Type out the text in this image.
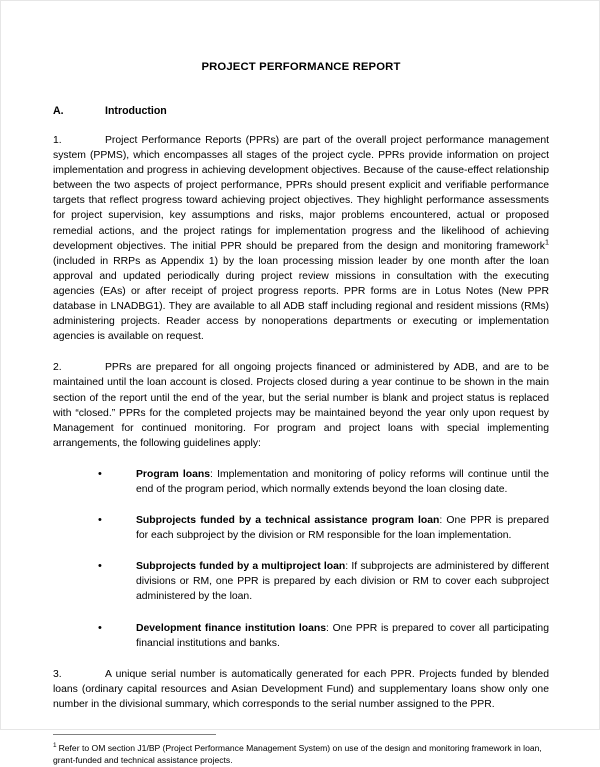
PROJECT PERFORMANCE REPORT
A.	Introduction

1.	Project Performance Reports (PPRs) are part of the overall project performance management system (PPMS), which encompasses all stages of the project cycle. PPRs provide information on project implementation and progress in achieving development objectives. Because of the cause-effect relationship between the two aspects of project performance, PPRs should present explicit and verifiable performance targets that reflect progress toward achieving project objectives. They highlight performance assessments for project supervision, key assumptions and risks, major problems encountered, actual or proposed remedial actions, and the project ratings for implementation progress and the likelihood of achieving development objectives. The initial PPR should be prepared from the design and monitoring framework$^1$ (included in RRPs as Appendix 1) by the loan processing mission leader by one month after the loan approval and updated periodically during project review missions in consultation with the executing agencies (EAs) or after receipt of project progress reports. PPR forms are in Lotus Notes (New PPR database in LNADBG1). They are available to all ADB staff including regional and resident missions (RMs) administering projects. Reader access by nonoperations departments or executing or implementation agencies is available on request.

2.	PPRs are prepared for all ongoing projects financed or administered by ADB, and are to be maintained until the loan account is closed. Projects closed during a year continue to be shown in the main section of the report until the end of the year, but the serial number is blank and project status is replaced with “closed.” PPRs for the completed projects may be maintained beyond the year only upon request by Management for continued monitoring. For program and project loans with special implementing arrangements, the following guidelines apply:

•	Program loans: Implementation and monitoring of policy reforms will continue until the end of the program period, which normally extends beyond the loan closing date.
•	Subprojects funded by a technical assistance program loan: One PPR is prepared for each subproject by the division or RM responsible for the loan implementation.
•	Subprojects funded by a multiproject loan: If subprojects are administered by different divisions or RM, one PPR is prepared by each division or RM to cover each subproject administered by the loan.
•	Development finance institution loans: One PPR is prepared to cover all participating financial institutions and banks.

3.	A unique serial number is automatically generated for each PPR. Projects funded by blended loans (ordinary capital resources and Asian Development Fund) and supplementary loans show only one number in the divisional summary, which corresponds to the serial number assigned to the PPR.

$^1$ Refer to OM section J1/BP (Project Performance Management System) on use of the design and monitoring framework in loan, grant-funded and technical assistance projects.
